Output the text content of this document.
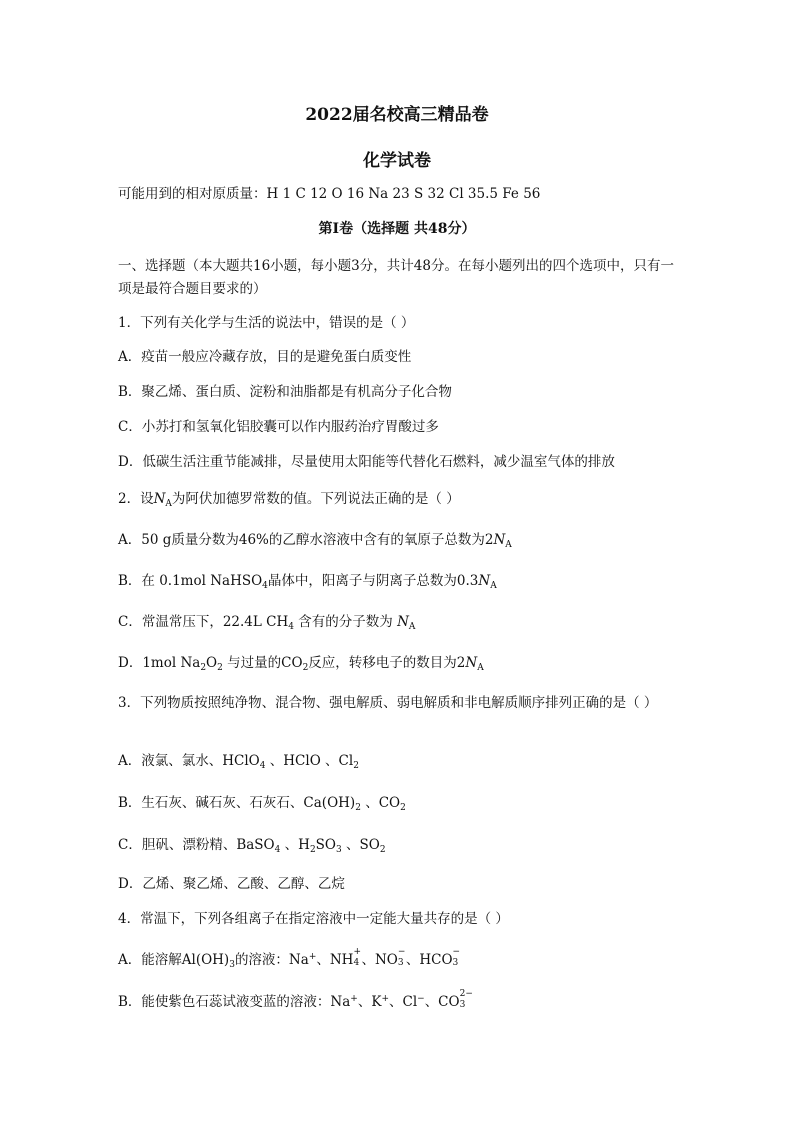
2022届名校高三精品卷
化学试卷
可能用到的相对原质量：H 1 C 12 O 16 Na 23 S 32 Cl 35.5 Fe 56
第Ⅰ卷（选择题 共48分）
一、选择题（本大题共16小题，每小题3分，共计48分。在每小题列出的四个选项中，只有一项是最符合题目要求的）
1．下列有关化学与生活的说法中，错误的是（ ）
A．疫苗一般应冷藏存放，目的是避免蛋白质变性
B．聚乙烯、蛋白质、淀粉和油脂都是有机高分子化合物
C．小苏打和氢氧化铝胶囊可以作内服药治疗胃酸过多
D．低碳生活注重节能减排，尽量使用太阳能等代替化石燃料，减少温室气体的排放
2．设$N_A$为阿伏加德罗常数的值。下列说法正确的是（ ）
A．50 g质量分数为46%的乙醇水溶液中含有的氧原子总数为$2N_A$
B．在 0.1mol NaHSO$_4$晶体中，阳离子与阴离子总数为$0.3N_A$
C．常温常压下，22.4L $CH_4$ 含有的分子数为 $N_A$
D．1mol $Na_2O_2$ 与过量的$CO_2$反应，转移电子的数目为$2N_A$
3．下列物质按照纯净物、混合物、强电解质、弱电解质和非电解质顺序排列正确的是（ ）
A．液氯、氯水、HClO$_4$ 、HClO 、$Cl_2$
B．生石灰、碱石灰、石灰石、$Ca(OH)_2$ 、$CO_2$
C．胆矾、漂粉精、BaSO$_4$ 、$H_2SO_3$ 、$SO_2$
D．乙烯、聚乙烯、乙酸、乙醇、乙烷
4．常温下，下列各组离子在指定溶液中一定能大量共存的是（ ）
A．能溶解$Al(OH)_3$的溶液：Na+、NH +
4 、NO −
3 、HCO −
3
B．能使紫色石蕊试液变蓝的溶液：Na+、K+、Cl−、CO 2−
3
